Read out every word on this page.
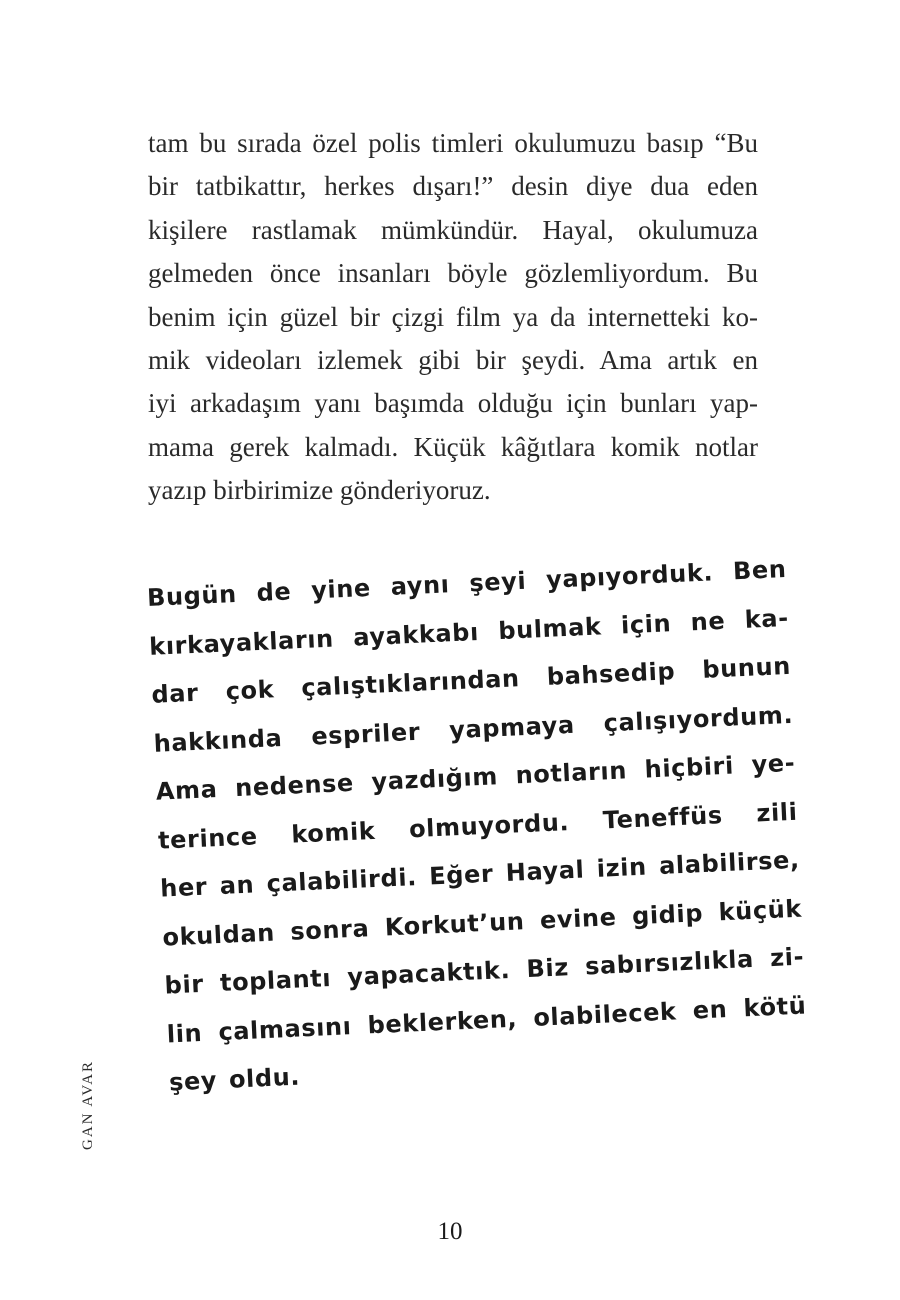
tam bu sırada özel polis timleri okulumuzu basıp “Bu
bir tatbikattır, herkes dışarı!” desin diye dua eden
kişilere rastlamak mümkündür. Hayal, okulumuza
gelmeden önce insanları böyle gözlemliyordum. Bu
benim için güzel bir çizgi film ya da internetteki ko-
mik videoları izlemek gibi bir şeydi. Ama artık en
iyi arkadaşım yanı başımda olduğu için bunları yap-
mama gerek kalmadı. Küçük kâğıtlara komik notlar
yazıp birbirimize gönderiyoruz.
Bugün de yine aynı şeyi yapıyorduk. Ben
kırkayakların ayakkabı bulmak için ne ka-
dar çok çalıştıklarından bahsedip bunun
hakkında espriler yapmaya çalışıyordum.
Ama nedense yazdığım notların hiçbiri ye-
terince komik olmuyordu. Teneffüs zili
her an çalabilirdi. Eğer Hayal izin alabilirse,
okuldan sonra Korkut’un evine gidip küçük
bir toplantı yapacaktık. Biz sabırsızlıkla zi-
lin çalmasını beklerken, olabilecek en kötü
şey oldu.
GAN AVAR
10
